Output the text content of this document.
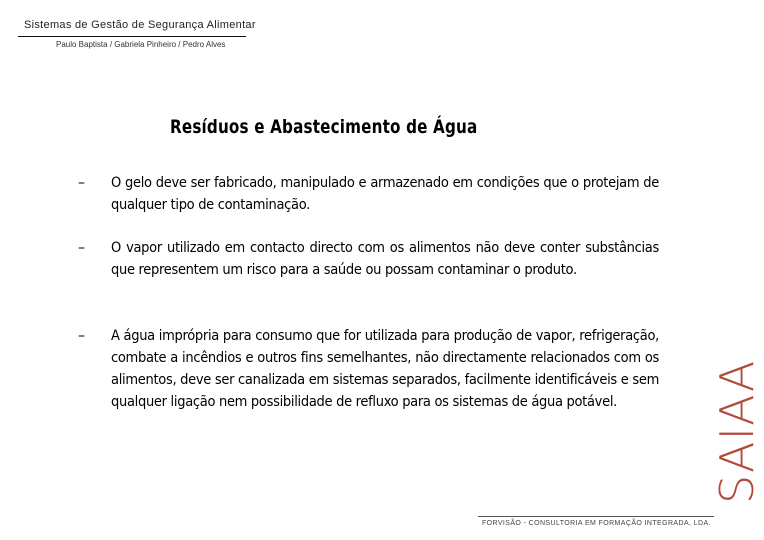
Sistemas de Gestão de Segurança Alimentar
Paulo Baptista / Gabriela Pinheiro / Pedro Alves
Resíduos e Abastecimento de Água
– O gelo deve ser fabricado, manipulado e armazenado em condições que o protejam de qualquer tipo de contaminação.
– O vapor utilizado em contacto directo com os alimentos não deve conter substâncias que representem um risco para a saúde ou possam contaminar o produto.
– A água imprópria para consumo que for utilizada para produção de vapor, refrigeração, combate a incêndios e outros fins semelhantes, não directamente relacionados com os alimentos, deve ser canalizada em sistemas separados, facilmente identificáveis e sem qualquer ligação nem possibilidade de refluxo para os sistemas de água potável.	SAIAA
FORVISÃO - CONSULTORIA EM FORMAÇÃO INTEGRADA, LDA.
